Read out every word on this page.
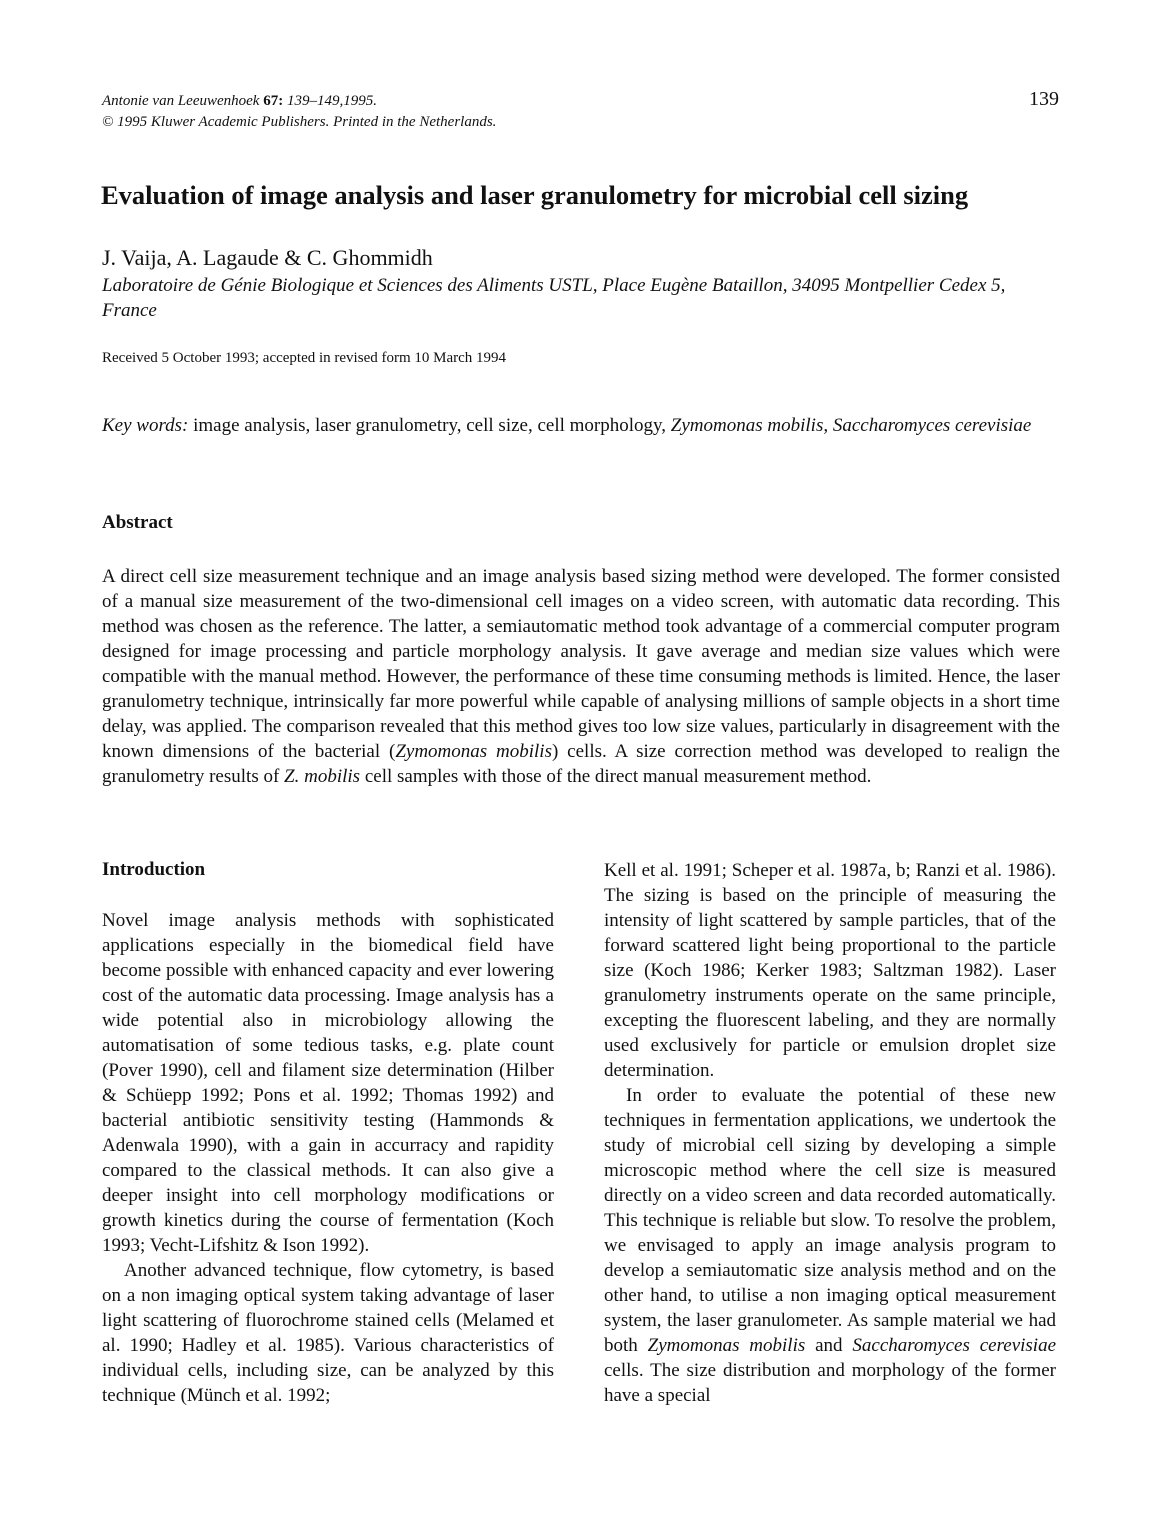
Antonie van Leeuwenhoek 67: 139–149,1995.
© 1995 Kluwer Academic Publishers. Printed in the Netherlands.
139
Evaluation of image analysis and laser granulometry for microbial cell sizing
J. Vaija, A. Lagaude & C. Ghommidh
Laboratoire de Génie Biologique et Sciences des Aliments USTL, Place Eugène Bataillon, 34095 Montpellier Cedex 5, France
Received 5 October 1993; accepted in revised form 10 March 1994
Key words: image analysis, laser granulometry, cell size, cell morphology, Zymomonas mobilis, Saccharomyces cerevisiae
Abstract

A direct cell size measurement technique and an image analysis based sizing method were developed. The former consisted of a manual size measurement of the two-dimensional cell images on a video screen, with automatic data recording. This method was chosen as the reference. The latter, a semiautomatic method took advantage of a commercial computer program designed for image processing and particle morphology analysis. It gave average and median size values which were compatible with the manual method. However, the performance of these time consuming methods is limited. Hence, the laser granulometry technique, intrinsically far more powerful while capable of analysing millions of sample objects in a short time delay, was applied. The comparison revealed that this method gives too low size values, particularly in disagreement with the known dimensions of the bacterial (Zymomonas mobilis) cells. A size correction method was developed to realign the granulometry results of Z. mobilis cell samples with those of the direct manual measurement method.

Introduction

Novel image analysis methods with sophisticated applications especially in the biomedical field have become possible with enhanced capacity and ever lowering cost of the automatic data processing. Image analysis has a wide potential also in microbiology allowing the automatisation of some tedious tasks, e.g. plate count (Pover 1990), cell and filament size determination (Hilber & Schüepp 1992; Pons et al. 1992; Thomas 1992) and bacterial antibiotic sensitivity testing (Hammonds & Adenwala 1990), with a gain in accurracy and rapidity compared to the classical methods. It can also give a deeper insight into cell morphology modifications or growth kinetics during the course of fermentation (Koch 1993; Vecht-Lifshitz & Ison 1992).

Another advanced technique, flow cytometry, is based on a non imaging optical system taking advantage of laser light scattering of fluorochrome stained cells (Melamed et al. 1990; Hadley et al. 1985). Various characteristics of individual cells, including size, can be analyzed by this technique (Münch et al. 1992;

Kell et al. 1991; Scheper et al. 1987a, b; Ranzi et al. 1986). The sizing is based on the principle of measuring the intensity of light scattered by sample particles, that of the forward scattered light being proportional to the particle size (Koch 1986; Kerker 1983; Saltzman 1982). Laser granulometry instruments operate on the same principle, excepting the fluorescent labeling, and they are normally used exclusively for particle or emulsion droplet size determination.

In order to evaluate the potential of these new techniques in fermentation applications, we undertook the study of microbial cell sizing by developing a simple microscopic method where the cell size is measured directly on a video screen and data recorded automatically. This technique is reliable but slow. To resolve the problem, we envisaged to apply an image analysis program to develop a semiautomatic size analysis method and on the other hand, to utilise a non imaging optical measurement system, the laser granulometer. As sample material we had both Zymomonas mobilis and Saccharomyces cerevisiae cells. The size distribution and morphology of the former have a special
